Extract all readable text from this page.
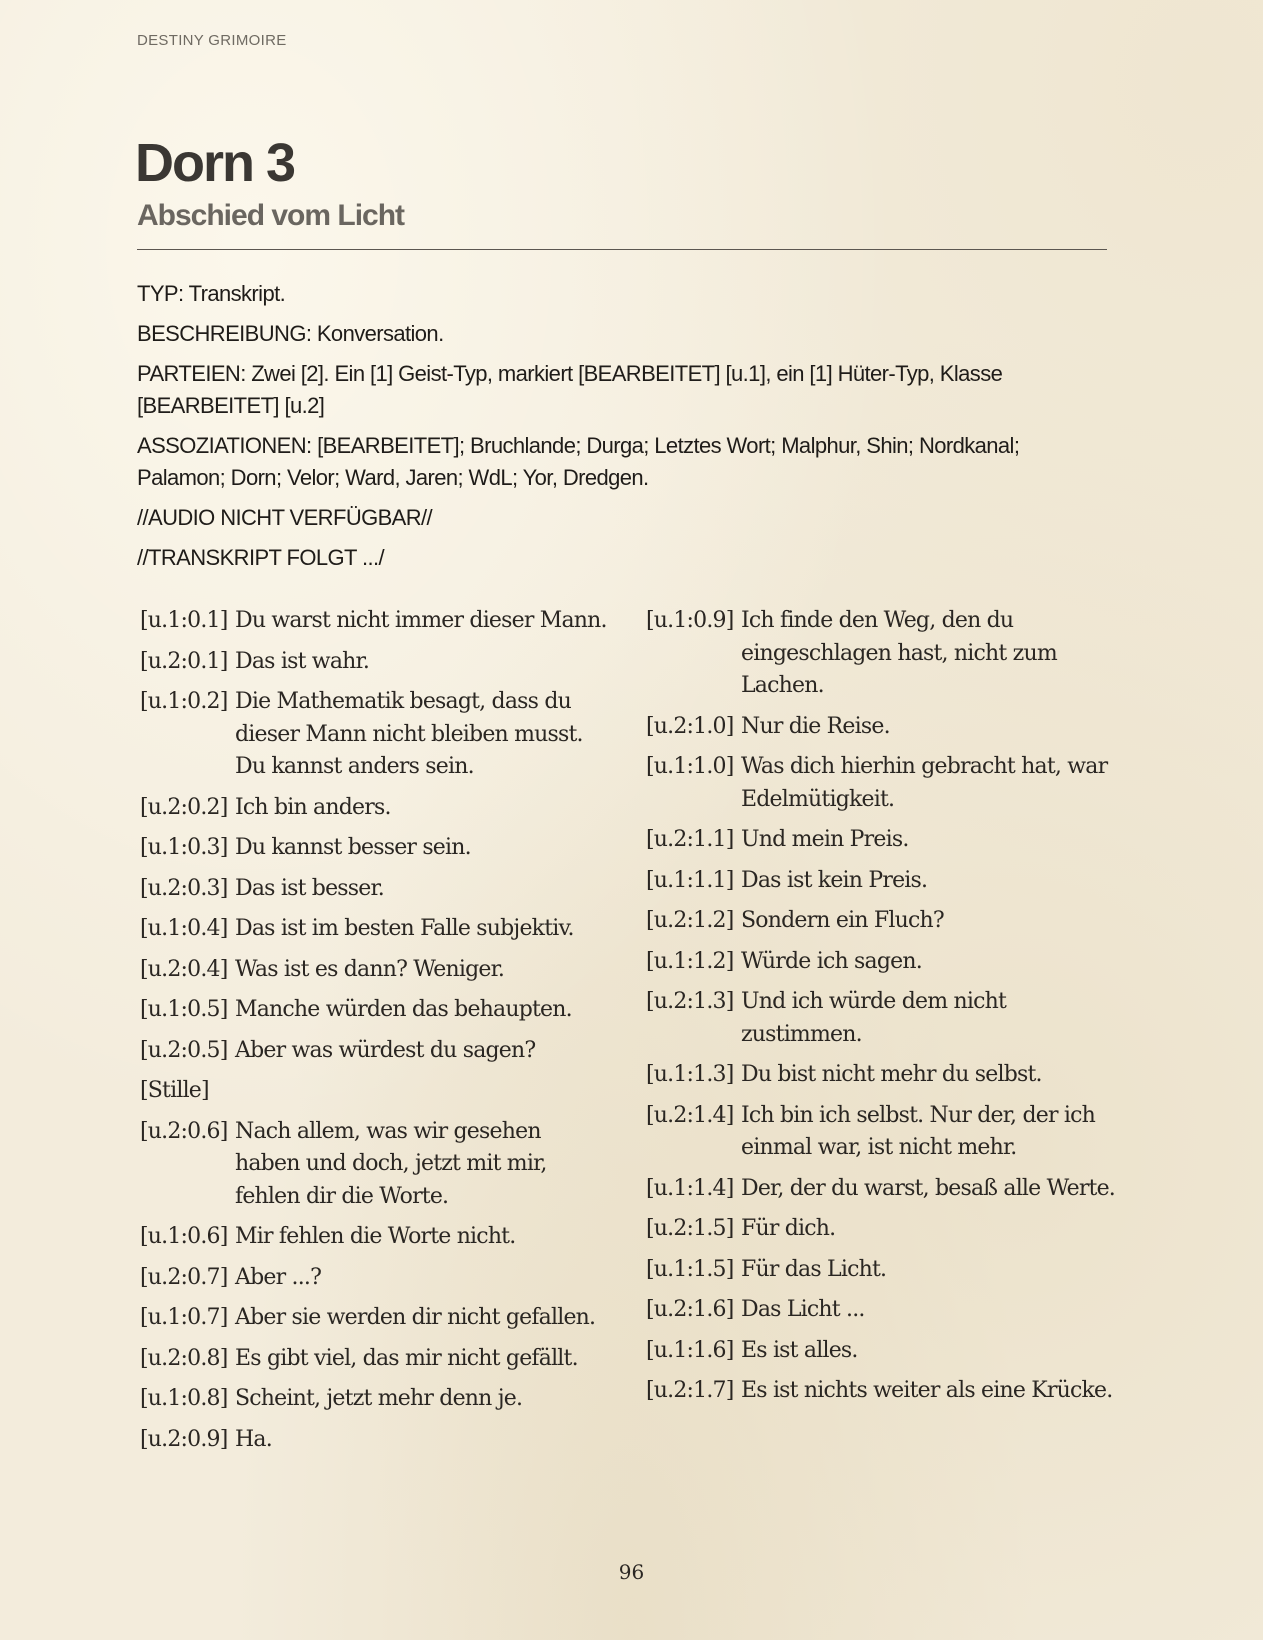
DESTINY GRIMOIRE
Dorn 3
Abschied vom Licht

TYP: Transkript.

BESCHREIBUNG: Konversation.

PARTEIEN: Zwei [2]. Ein [1] Geist-Typ, markiert [BEARBEITET] [u.1], ein [1] Hüter-Typ, Klasse [BEARBEITET] [u.2]

ASSOZIATIONEN: [BEARBEITET]; Bruchlande; Durga; Letztes Wort; Malphur, Shin; Nordkanal; Palamon; Dorn; Velor; Ward, Jaren; WdL; Yor, Dredgen.

//AUDIO NICHT VERFÜGBAR//

//TRANSKRIPT FOLGT .../

[u.1:0.1] Du warst nicht immer dieser Mann.
[u.2:0.1] Das ist wahr.
[u.1:0.2] Die Mathematik besagt, dass du dieser Mann nicht bleiben musst. Du kannst anders sein.
[u.2:0.2] Ich bin anders.
[u.1:0.3] Du kannst besser sein.
[u.2:0.3] Das ist besser.
[u.1:0.4] Das ist im besten Falle subjektiv.
[u.2:0.4] Was ist es dann? Weniger.
[u.1:0.5] Manche würden das behaupten.
[u.2:0.5] Aber was würdest du sagen?
[Stille]
[u.2:0.6] Nach allem, was wir gesehen haben und doch, jetzt mit mir, fehlen dir die Worte.
[u.1:0.6] Mir fehlen die Worte nicht.
[u.2:0.7] Aber ...?
[u.1:0.7] Aber sie werden dir nicht gefallen.
[u.2:0.8] Es gibt viel, das mir nicht gefällt.
[u.1:0.8] Scheint, jetzt mehr denn je.
[u.2:0.9] Ha.
[u.1:0.9] Ich finde den Weg, den du eingeschlagen hast, nicht zum Lachen.
[u.2:1.0] Nur die Reise.
[u.1:1.0] Was dich hierhin gebracht hat, war Edelmütigkeit.
[u.2:1.1] Und mein Preis.
[u.1:1.1] Das ist kein Preis.
[u.2:1.2] Sondern ein Fluch?
[u.1:1.2] Würde ich sagen.
[u.2:1.3] Und ich würde dem nicht zustimmen.
[u.1:1.3] Du bist nicht mehr du selbst.
[u.2:1.4] Ich bin ich selbst. Nur der, der ich einmal war, ist nicht mehr.
[u.1:1.4] Der, der du warst, besaß alle Werte.
[u.2:1.5] Für dich.
[u.1:1.5] Für das Licht.
[u.2:1.6] Das Licht ...
[u.1:1.6] Es ist alles.
[u.2:1.7] Es ist nichts weiter als eine Krücke.
96
